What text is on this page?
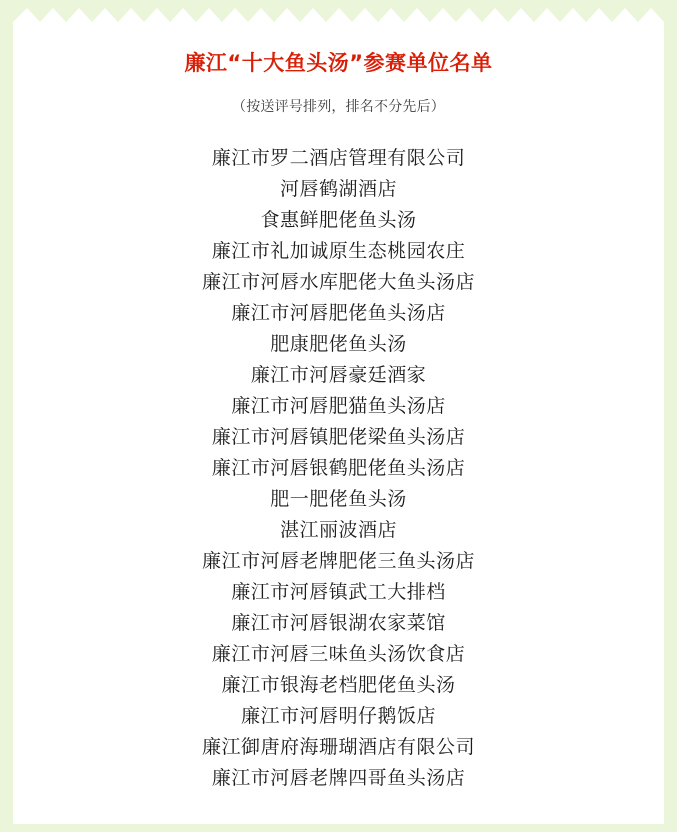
廉江“十大鱼头汤”参赛单位名单
（按送评号排列，排名不分先后）
廉江市罗二酒店管理有限公司
河唇鹤湖酒店
食惠鲜肥佬鱼头汤
廉江市礼加诚原生态桃园农庄
廉江市河唇水库肥佬大鱼头汤店
廉江市河唇肥佬鱼头汤店
肥康肥佬鱼头汤
廉江市河唇豪廷酒家
廉江市河唇肥猫鱼头汤店
廉江市河唇镇肥佬梁鱼头汤店
廉江市河唇银鹤肥佬鱼头汤店
肥一肥佬鱼头汤
湛江丽波酒店
廉江市河唇老牌肥佬三鱼头汤店
廉江市河唇镇武工大排档
廉江市河唇银湖农家菜馆
廉江市河唇三味鱼头汤饮食店
廉江市银海老档肥佬鱼头汤
廉江市河唇明仔鹅饭店
廉江御唐府海珊瑚酒店有限公司
廉江市河唇老牌四哥鱼头汤店
